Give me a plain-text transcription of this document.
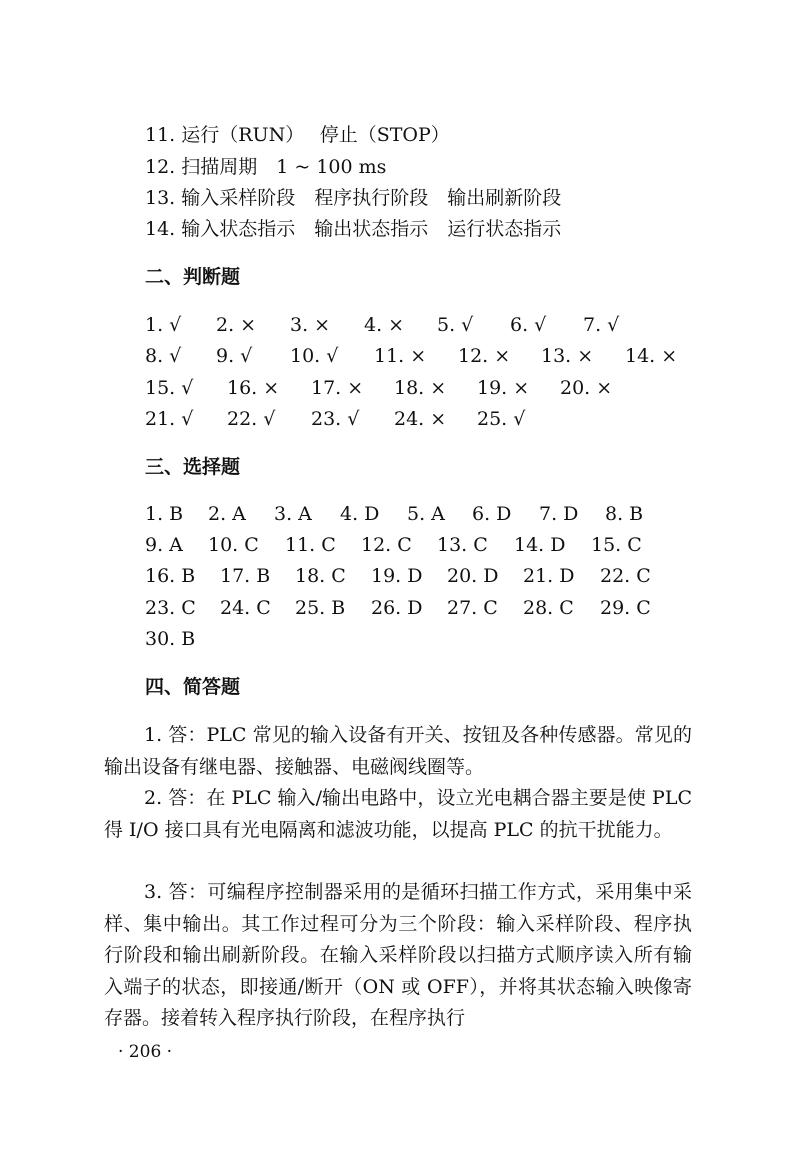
11. 运行（RUN）　 停止（STOP）
12. 扫描周期　1 ~ 100 ms
13. 输入采样阶段　程序执行阶段　输出刷新阶段
14. 输入状态指示　输出状态指示　运行状态指示
二、判断题
1. √ 2. × 3. × 4. × 5. √ 6. √ 7. √
8. √ 9. √ 10. √ 11. × 12. × 13. × 14. ×
15. √ 16. × 17. × 18. × 19. × 20. ×
21. √ 22. √ 23. √ 24. × 25. √
三、选择题
1. B 2. A 3. A 4. D 5. A 6. D 7. D 8. B
9. A 10. C 11. C 12. C 13. C 14. D 15. C
16. B 17. B 18. C 19. D 20. D 21. D 22. C
23. C 24. C 25. B 26. D 27. C 28. C 29. C
30. B
四、简答题

1. 答：PLC 常见的输入设备有开关、按钮及各种传感器。常见的输出设备有继电器、接触器、电磁阀线圈等。

2. 答：在 PLC 输入/输出电路中，设立光电耦合器主要是使 PLC 得 I/O 接口具有光电隔离和滤波功能，以提高 PLC 的抗干扰能力。

3. 答：可编程序控制器采用的是循环扫描工作方式，采用集中采样、集中输出。其工作过程可分为三个阶段：输入采样阶段、程序执行阶段和输出刷新阶段。在输入采样阶段以扫描方式顺序读入所有输入端子的状态，即接通/断开（ON 或 OFF），并将其状态输入映像寄存器。接着转入程序执行阶段，在程序执行

· 206 ·
